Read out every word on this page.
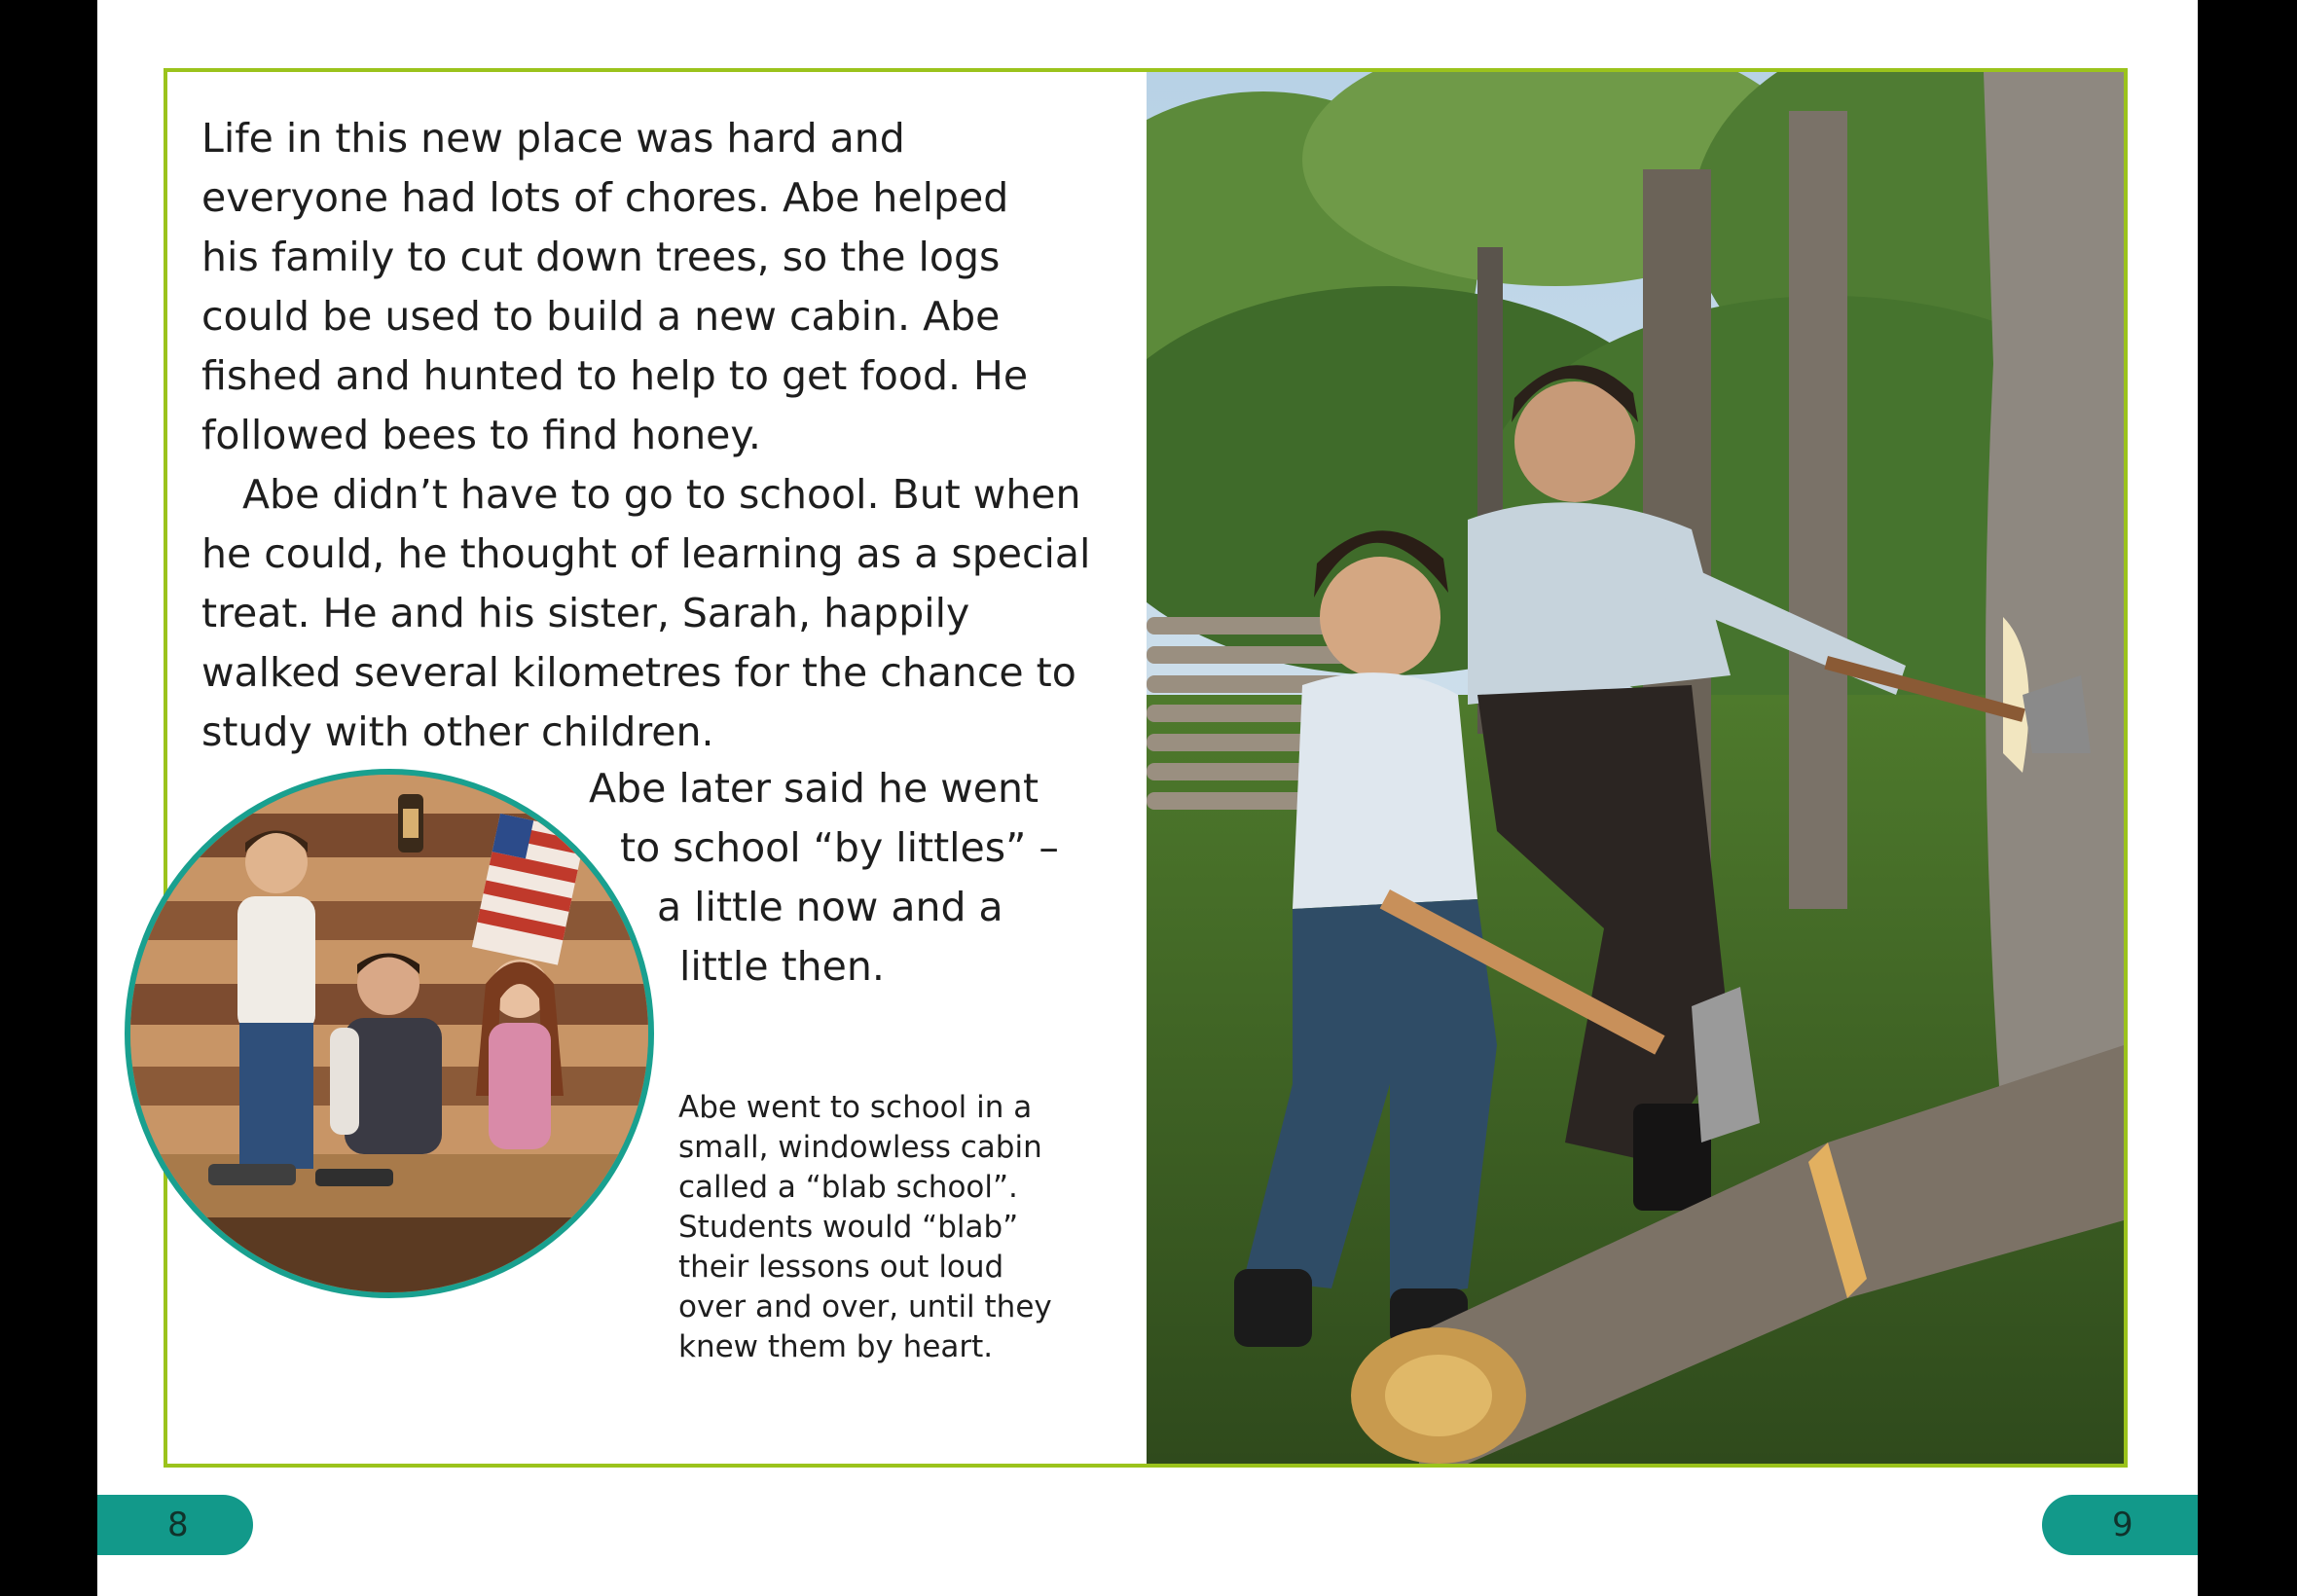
Life in this new place was hard and
everyone had lots of chores. Abe helped
his family to cut down trees, so the logs
could be used to build a new cabin. Abe
fished and hunted to help to get food. He
followed bees to find honey.

Abe didn’t have to go to school. But when
he could, he thought of learning as a special
treat. He and his sister, Sarah, happily
walked several kilometres for the chance to
study with other children.

Abe later said he went
to school “by littles” –
a little now and a
little then.
Abe went to school in a
small, windowless cabin
called a “blab school”.
Students would “blab”
their lessons out loud
over and over, until they
knew them by heart.
8	9
